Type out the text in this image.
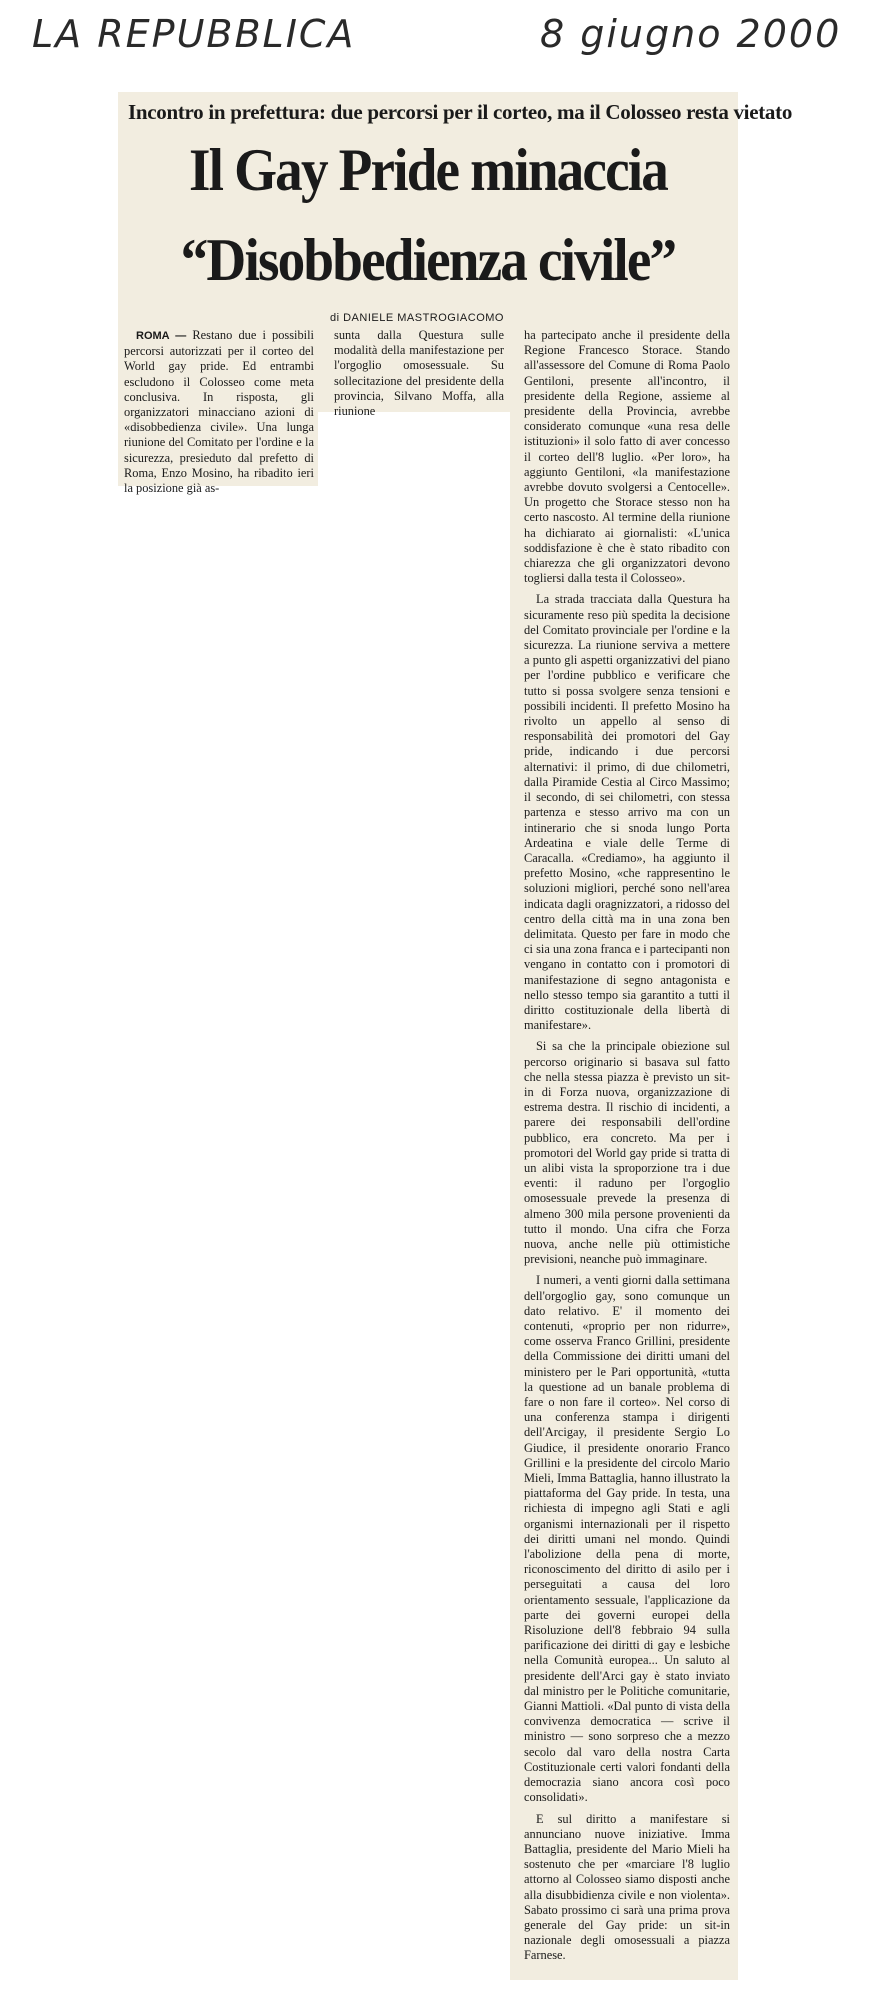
LA REPUBBLICA	8 giugno 2000
Incontro in prefettura: due percorsi per il corteo, ma il Colosseo resta vietato
Il Gay Pride minaccia
“Disobbedienza civile”
di DANIELE MASTROGIACOMO

ROMA — Restano due i possibili percorsi autorizzati per il corteo del World gay pride. Ed entrambi escludono il Colosseo come meta conclusiva. In risposta, gli organizzatori minacciano azioni di «disobbedienza civile». Una lunga riunione del Comitato per l'ordine e la sicurezza, presieduto dal prefetto di Roma, Enzo Mosino, ha ribadito ieri la posizione già as-

sunta dalla Questura sulle modalità della manifestazione per l'orgoglio omosessuale. Su sollecitazione del presidente della provincia, Silvano Moffa, alla riunione

ha partecipato anche il presidente della Regione Francesco Storace. Stando all'assessore del Comune di Roma Paolo Gentiloni, presente all'incontro, il presidente della Regione, assieme al presidente della Provincia, avrebbe considerato comunque «una resa delle istituzioni» il solo fatto di aver concesso il corteo dell'8 luglio. «Per loro», ha aggiunto Gentiloni, «la manifestazione avrebbe dovuto svolgersi a Centocelle». Un progetto che Storace stesso non ha certo nascosto. Al termine della riunione ha dichiarato ai giornalisti: «L'unica soddisfazione è che è stato ribadito con chiarezza che gli organizzatori devono togliersi dalla testa il Colosseo».

La strada tracciata dalla Questura ha sicuramente reso più spedita la decisione del Comitato provinciale per l'ordine e la sicurezza. La riunione serviva a mettere a punto gli aspetti organizzativi del piano per l'ordine pubblico e verificare che tutto si possa svolgere senza tensioni e possibili incidenti. Il prefetto Mosino ha rivolto un appello al senso di responsabilità dei promotori del Gay pride, indicando i due percorsi alternativi: il primo, di due chilometri, dalla Piramide Cestia al Circo Massimo; il secondo, di sei chilometri, con stessa partenza e stesso arrivo ma con un intinerario che si snoda lungo Porta Ardeatina e viale delle Terme di Caracalla. «Crediamo», ha aggiunto il prefetto Mosino, «che rappresentino le soluzioni migliori, perché sono nell'area indicata dagli oragnizzatori, a ridosso del centro della città ma in una zona ben delimitata. Questo per fare in modo che ci sia una zona franca e i partecipanti non vengano in contatto con i promotori di manifestazione di segno antagonista e nello stesso tempo sia garantito a tutti il diritto costituzionale della libertà di manifestare».

Si sa che la principale obiezione sul percorso originario si basava sul fatto che nella stessa piazza è previsto un sit-in di Forza nuova, organizzazione di estrema destra. Il rischio di incidenti, a parere dei responsabili dell'ordine pubblico, era concreto. Ma per i promotori del World gay pride si tratta di un alibi vista la sproporzione tra i due eventi: il raduno per l'orgoglio omosessuale prevede la presenza di almeno 300 mila persone provenienti da tutto il mondo. Una cifra che Forza nuova, anche nelle più ottimistiche previsioni, neanche può immaginare.

I numeri, a venti giorni dalla settimana dell'orgoglio gay, sono comunque un dato relativo. E' il momento dei contenuti, «proprio per non ridurre», come osserva Franco Grillini, presidente della Commissione dei diritti umani del ministero per le Pari opportunità, «tutta la questione ad un banale problema di fare o non fare il corteo». Nel corso di una conferenza stampa i dirigenti dell'Arcigay, il presidente Sergio Lo Giudice, il presidente onorario Franco Grillini e la presidente del circolo Mario Mieli, Imma Battaglia, hanno illustrato la piattaforma del Gay pride. In testa, una richiesta di impegno agli Stati e agli organismi internazionali per il rispetto dei diritti umani nel mondo. Quindi l'abolizione della pena di morte, riconoscimento del diritto di asilo per i perseguitati a causa del loro orientamento sessuale, l'applicazione da parte dei governi europei della Risoluzione dell'8 febbraio 94 sulla parificazione dei diritti di gay e lesbiche nella Comunità europea... Un saluto al presidente dell'Arci gay è stato inviato dal ministro per le Politiche comunitarie, Gianni Mattioli. «Dal punto di vista della convivenza democratica — scrive il ministro — sono sorpreso che a mezzo secolo dal varo della nostra Carta Costituzionale certi valori fondanti della democrazia siano ancora così poco consolidati».

E sul diritto a manifestare si annunciano nuove iniziative. Imma Battaglia, presidente del Mario Mieli ha sostenuto che per «marciare l'8 luglio attorno al Colosseo siamo disposti anche alla disubbidienza civile e non violenta». Sabato prossimo ci sarà una prima prova generale del Gay pride: un sit-in nazionale degli omosessuali a piazza Farnese.
